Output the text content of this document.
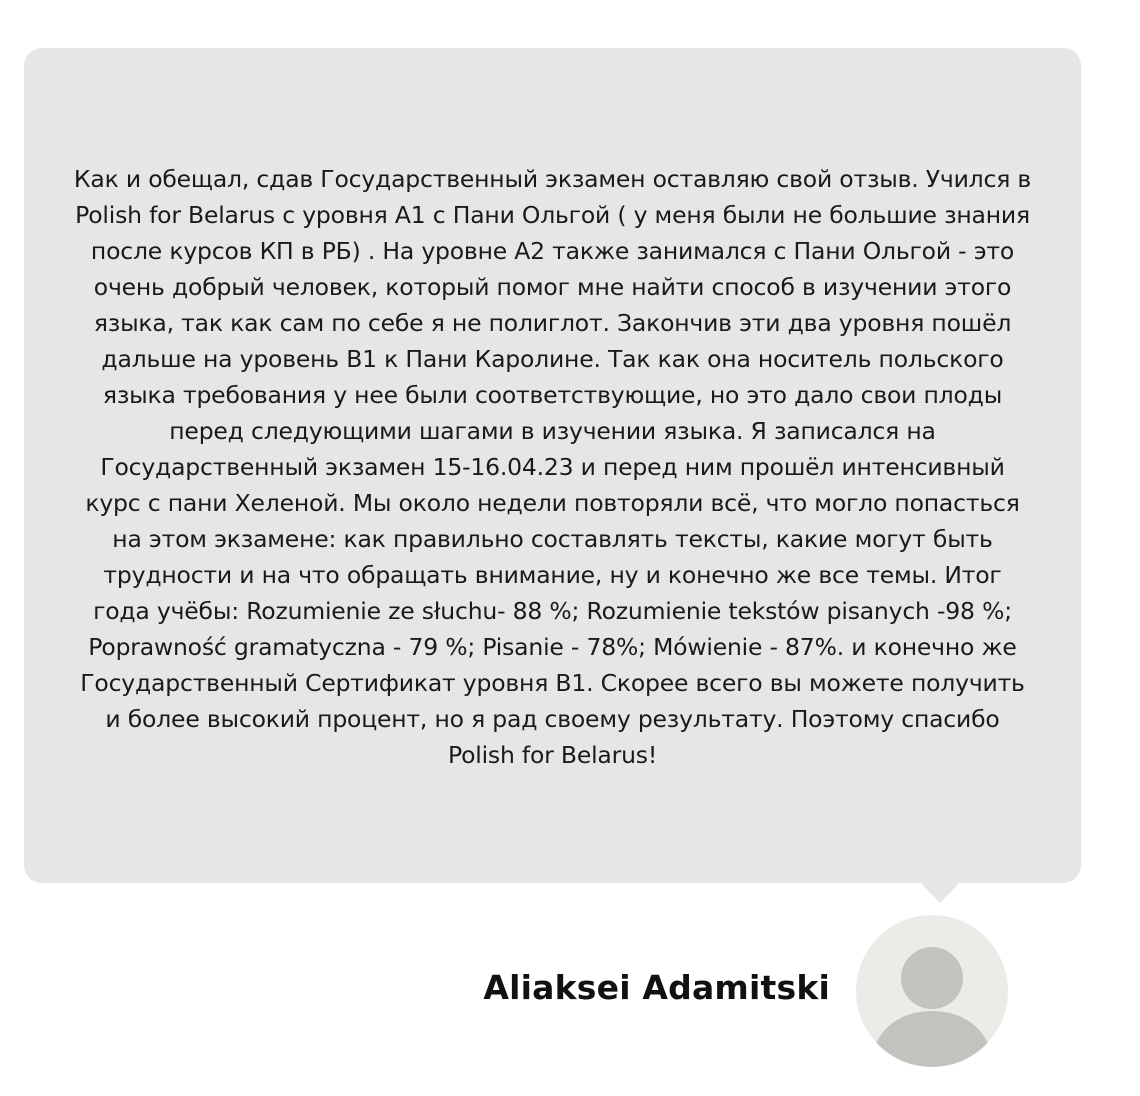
Как и обещал, сдав Государственный экзамен оставляю свой отзыв. Учился в Polish for Belarus с уровня А1 с Пани Ольгой ( у меня были не большие знания после курсов КП в РБ) . На уровне А2 также занимался с Пани Ольгой - это очень добрый человек, который помог мне найти способ в изучении этого языка, так как сам по себе я не полиглот. Закончив эти два уровня пошёл дальше на уровень В1 к Пани Каролине. Так как она носитель польского языка требования у нее были соответствующие, но это дало свои плоды перед следующими шагами в изучении языка. Я записался на Государственный экзамен 15-16.04.23 и перед ним прошёл интенсивный курс с пани Хеленой. Мы около недели повторяли всё, что могло попасться на этом экзамене: как правильно составлять тексты, какие могут быть трудности и на что обращать внимание, ну и конечно же все темы. Итог года учёбы: Rozumienie ze słuchu- 88 %; Rozumienie tekstów pisanych -98 %; Poprawność gramatyczna - 79 %; Pisanie - 78%; Mówienie - 87%. и конечно же Государственный Сертификат уровня В1. Скорее всего вы можете получить и более высокий процент, но я рад своему результату. Поэтому спасибо Polish for Belarus!
Aliaksei Adamitski
